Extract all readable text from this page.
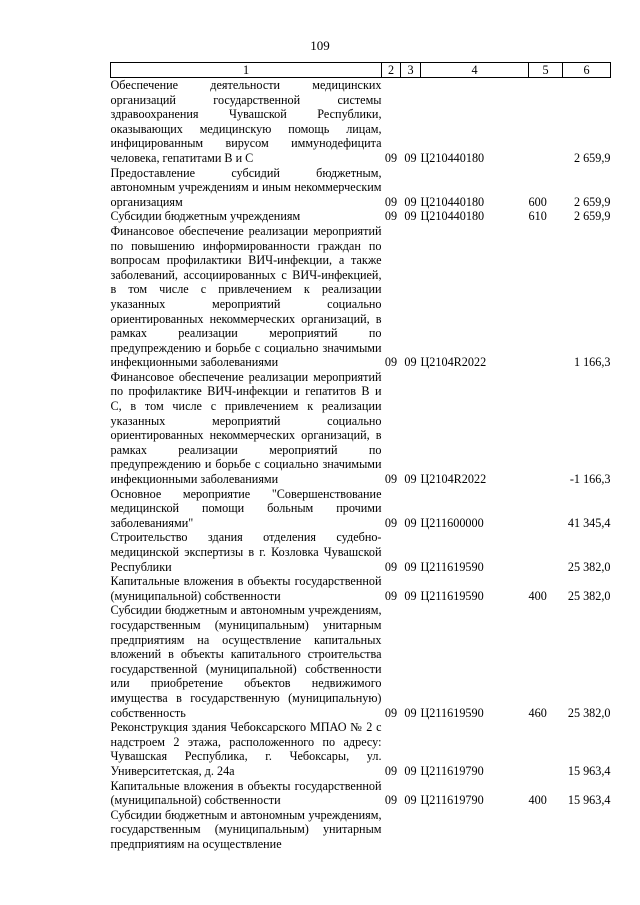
109
1	2	3	4	5	6
Обеспечение деятельности медицинских организаций государственной системы здравоохранения Чувашской Республики, оказывающих медицинскую помощь лицам, инфицированным вирусом иммунодефицита человека, гепатитами В и С	09	09	Ц210440180		2 659,9
Предоставление субсидий бюджетным, автономным учреждениям и иным некоммерческим организациям	09	09	Ц210440180	600	2 659,9
Субсидии бюджетным учреждениям	09	09	Ц210440180	610	2 659,9
Финансовое обеспечение реализации мероприятий по повышению информированности граждан по вопросам профилактики ВИЧ-инфекции, а также заболеваний, ассоциированных с ВИЧ-инфекцией, в том числе с привлечением к реализации указанных мероприятий социально ориентированных некоммерческих организаций, в рамках реализации мероприятий по предупреждению и борьбе с социально значимыми инфекционными заболеваниями	09	09	Ц2104R2022		1 166,3
Финансовое обеспечение реализации мероприятий по профилактике ВИЧ-инфекции и гепатитов В и С, в том числе с привлечением к реализации указанных мероприятий социально ориентированных некоммерческих организаций, в рамках реализации мероприятий по предупреждению и борьбе с социально значимыми инфекционными заболеваниями	09	09	Ц2104R2022		-1 166,3
Основное мероприятие "Совершенствование медицинской помощи больным прочими заболеваниями"	09	09	Ц211600000		41 345,4
Строительство здания отделения судебно-медицинской экспертизы в г. Козловка Чувашской Республики	09	09	Ц211619590		25 382,0
Капитальные вложения в объекты государственной (муниципальной) собственности	09	09	Ц211619590	400	25 382,0
Субсидии бюджетным и автономным учреждениям, государственным (муниципальным) унитарным предприятиям на осуществление капитальных вложений в объекты капитального строительства государственной (муниципальной) собственности или приобретение объектов недвижимого имущества в государственную (муниципальную) собственность	09	09	Ц211619590	460	25 382,0
Реконструкция здания Чебоксарского МПАО № 2 с надстроем 2 этажа, расположенного по адресу: Чувашская Республика, г. Чебоксары, ул. Университетская, д. 24а	09	09	Ц211619790		15 963,4
Капитальные вложения в объекты государственной (муниципальной) собственности	09	09	Ц211619790	400	15 963,4
Субсидии бюджетным и автономным учреждениям, государственным (муниципальным) унитарным предприятиям на осуществление					
